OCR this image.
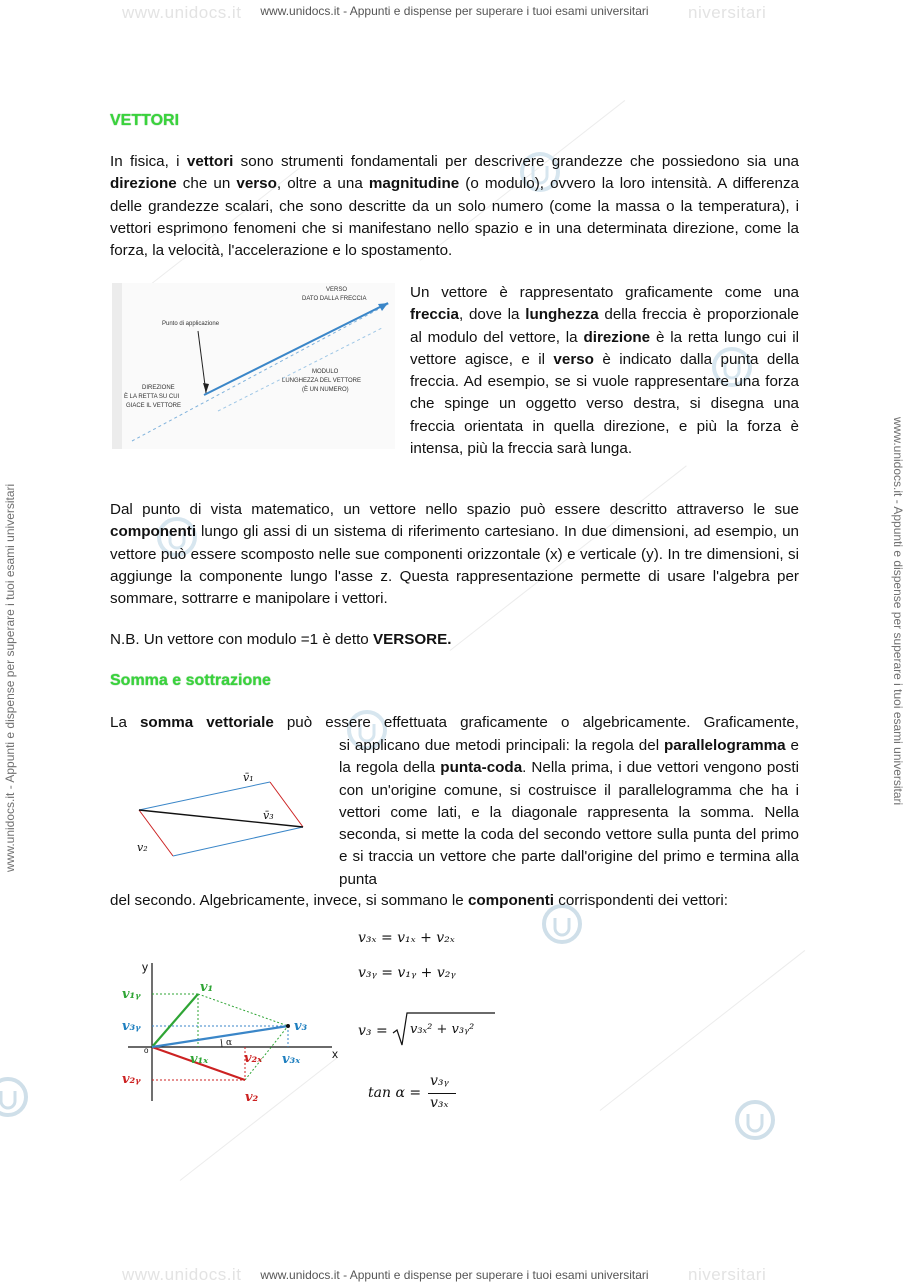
www.unidocs.it	niversitari
www.unidocs.it - Appunti e dispense per superare i tuoi esami universitari
www.unidocs.it	niversitari
www.unidocs.it - Appunti e dispense per superare i tuoi esami universitari
www.unidocs.it - Appunti e dispense per superare i tuoi esami universitari	www.unidocs.it - Appunti e dispense per superare i tuoi esami universitari
VETTORI

In fisica, i vettori sono strumenti fondamentali per descrivere grandezze che possiedono sia una direzione che un verso, oltre a una magnitudine (o modulo), ovvero la loro intensità. A differenza delle grandezze scalari, che sono descritte da un solo numero (come la massa o la temperatura), i vettori esprimono fenomeni che si manifestano nello spazio e in una determinata direzione, come la forza, la velocità, l'accelerazione e lo spostamento.

VERSO
DATO DALLA FRECCIA
Punto di applicazione
MODULO
LUNGHEZZA DEL VETTORE
(È UN NUMERO)
DIREZIONE
È LA RETTA SU CUI
GIACE IL VETTORE

Un vettore è rappresentato graficamente come una freccia, dove la lunghezza della freccia è proporzionale al modulo del vettore, la direzione è la retta lungo cui il vettore agisce, e il verso è indicato dalla punta della freccia. Ad esempio, se si vuole rappresentare una forza che spinge un oggetto verso destra, si disegna una freccia orientata in quella direzione, e più la forza è intensa, più la freccia sarà lunga.

Dal punto di vista matematico, un vettore nello spazio può essere descritto attraverso le sue componenti lungo gli assi di un sistema di riferimento cartesiano. In due dimensioni, ad esempio, un vettore può essere scomposto nelle sue componenti orizzontale (x) e verticale (y). In tre dimensioni, si aggiunge la componente lungo l'asse z. Questa rappresentazione permette di usare l'algebra per sommare, sottrarre e manipolare i vettori.

N.B. Un vettore con modulo =1 è detto VERSORE.

Somma e sottrazione

La somma vettoriale può essere effettuata graficamente o algebricamente. Graficamente,

si applicano due metodi principali: la regola del parallelogramma e la regola della punta-coda. Nella prima, i due vettori vengono posti con un'origine comune, si costruisce il parallelogramma che ha i vettori come lati, e la diagonale rappresenta la somma. Nella seconda, si mette la coda del secondo vettore sulla punta del primo e si traccia un vettore che parte dall'origine del primo e termina alla punta

del secondo. Algebricamente, invece, si sommano le componenti corrispondenti dei vettori:

v̄₁
v̄₃
v₂
y
x
o
α
v₁
v₂
v₃
v₁ᵧ
v₃ᵧ
v₂ᵧ
v₁ₓ	v₂ₓ v₃ₓ
v₃ₓ = v₁ₓ + v₂ₓ
v₃ᵧ = v₁ᵧ + v₂ᵧ
v₃ = v₃ₓ² + v₃ᵧ²
tan α =
v₃ᵧ
v₃ₓ
